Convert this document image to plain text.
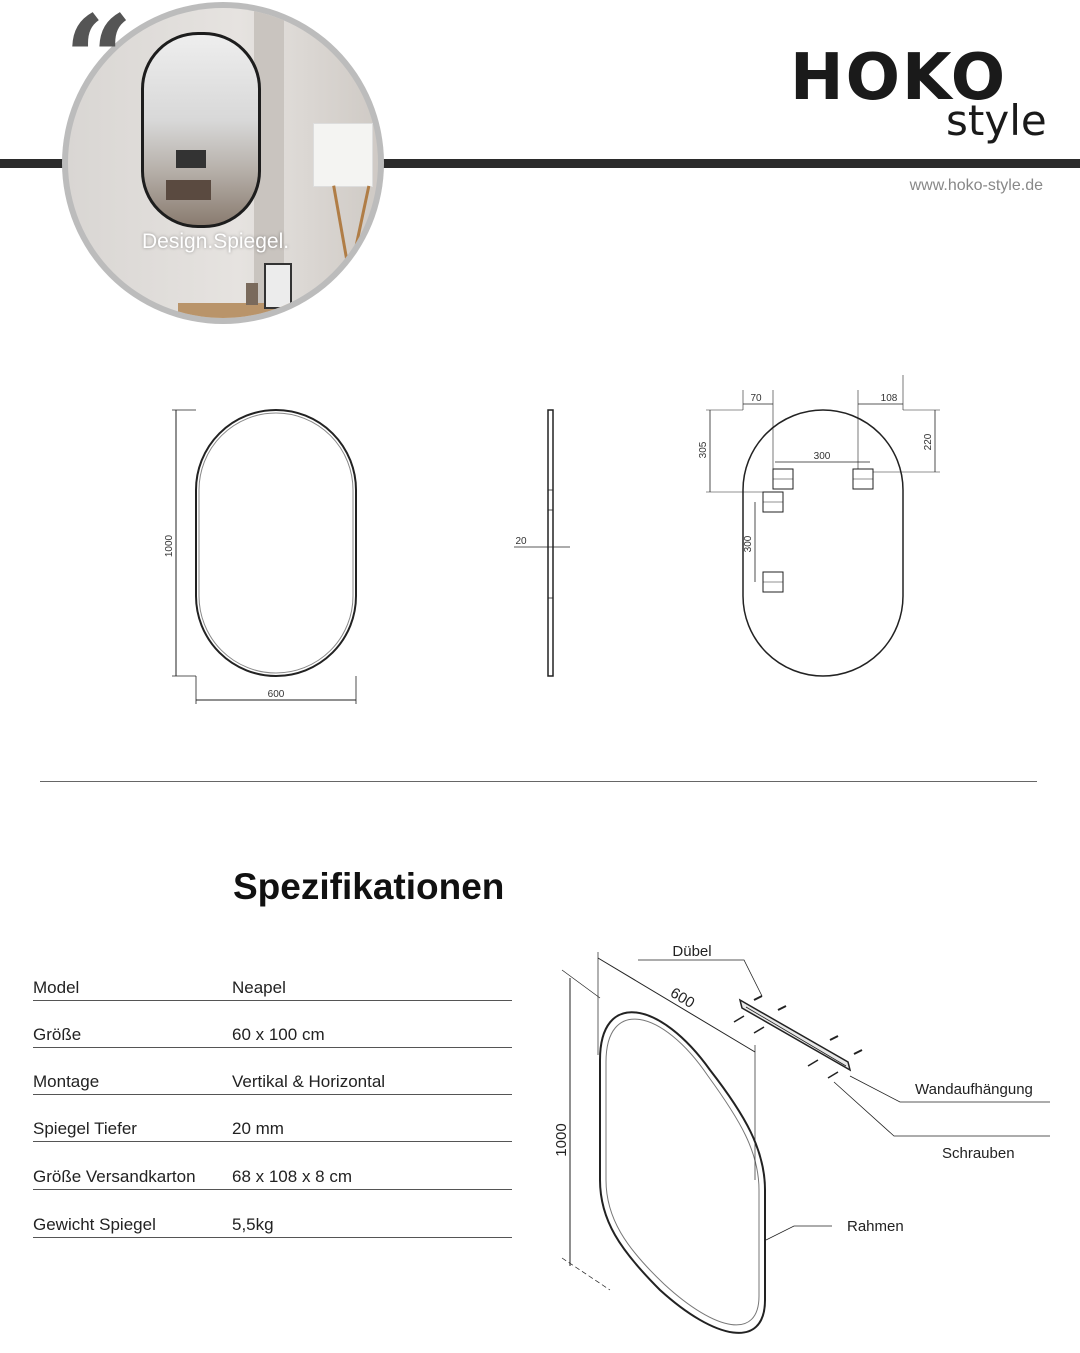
Design.Spiegel.
“	HOKO
style
www.hoko-style.de
1000
600
20
70	108
300
305	220
300
Spezifikationen
Model	Neapel
Größe	60 x 100 cm
Montage	Vertikal & Horizontal
Spiegel Tiefer	20 mm
Größe Versandkarton 68 x 108 x 8 cm
Gewicht Spiegel	5,5kg
Dübel
Wandaufhängung
Schrauben
Rahmen
600
1000
